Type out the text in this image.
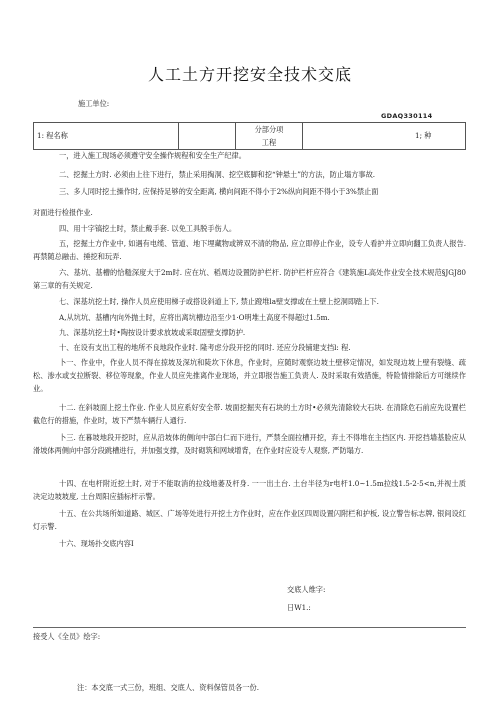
人工土方开挖安全技术交底
施工单位:
GDAQ330114
1: 程名称		
分部分项
工程
	1; 种
一，进入施工现场必须遵守安全操作规程和安全生产纪律。
二、挖掘土方时. 必须由上往下进行，禁止采用掏洞、挖空底脚和挖“钟悬土”的方法，防止塌方事故.
三、多人同时挖土操作时, 应保持足够的安全距离, 横向间距不得小于2%纵向间距不得小于3%禁止面
对面进行检报作业.
四、用十字镐挖土时，禁止戴手套. 以免工具脱手伤人。
五，挖掘土方作业中, 如遇有电缆、管道、地下埋藏物或辨双不清的物品, 应立即停止作业，设专人看护并立即向翻工负责人报告. 再禁随总融击、捶挖和玩弄.
六、基坑、基槽的恰糙深度大于2m时. 应在坑、稻周边设置防护栏杆. 防护栏杆应符合《建筑施L高处作业安全技术规范§JGJ80第三章的有关规定.
七、深基坑挖土时, 操作人员应使用梯子或搭设斜道上下, 禁止蹬堆la壁支撑或在土壁上挖洞即踏上下.
A,从坑坑、基槽内向外抛土时，应将出离坑槽边沿至少1·O明堆土高度不得超过1.5m.
九、深基坑挖土时•陶按设计要求放坡或采取固壁支撑防护.
十、在设有支出工程的地所不良地段作业时. 隆考虑分段开挖的同时. 还应分段铺建支挡l: 程.
卜一、作业中，作业人员不得在掠坡及深坑和陡坎下休息，作业时，应随时观察边坡土壁移定情况，如发现边坡上壁有裂缝、疏松、渗水或支拉断裂、移位等现象，作业人员应先推离作业现场，并立即报告施工负责人. 及时采取有效措施，特险情排除后方可继续作业。
十二. 在斜坡面上挖土作业. 作业人员应系好安全带. 坡面挖掘夹有石块的土方时•必须先清除较大石块. 在清除危石前应先设置栏截危行的措施，作业时，坡下严禁车辆行人通行.
卜三. 在暮坡地段开挖时，应从沿坡体的侧向中部白仁而下进行，严禁全面拉槽开挖，弃土不得堆在主挡区内. 开挖挡墙基脸应从滑坡体两侧向中部分段跳槽进行，并加强支撑，及时砌筑和网域增背，在作业时应设专人观察, 严防塌方.
十四、在电杆附近挖土时, 对于不能取消的拉线地萎及杆身. 一一出土台. 土台半径为r电杆1.0~1.5m拉线1.5-2·5<n,并视土质决定边坡坡度, 土台周阳应插标杆示警。
十五、在公共场所如道路、城区、广场等处进行开挖土方作业时，应在作业区四周设置闪附栏和护板, 设立警告标志牌, 银间设红灯示警.
十六、现场扑交底内容I
交底人维字:
日W1.:
接受人《全员》绘字:
注：本交底一式三份，班组、交底人、资料保管员各一份.
